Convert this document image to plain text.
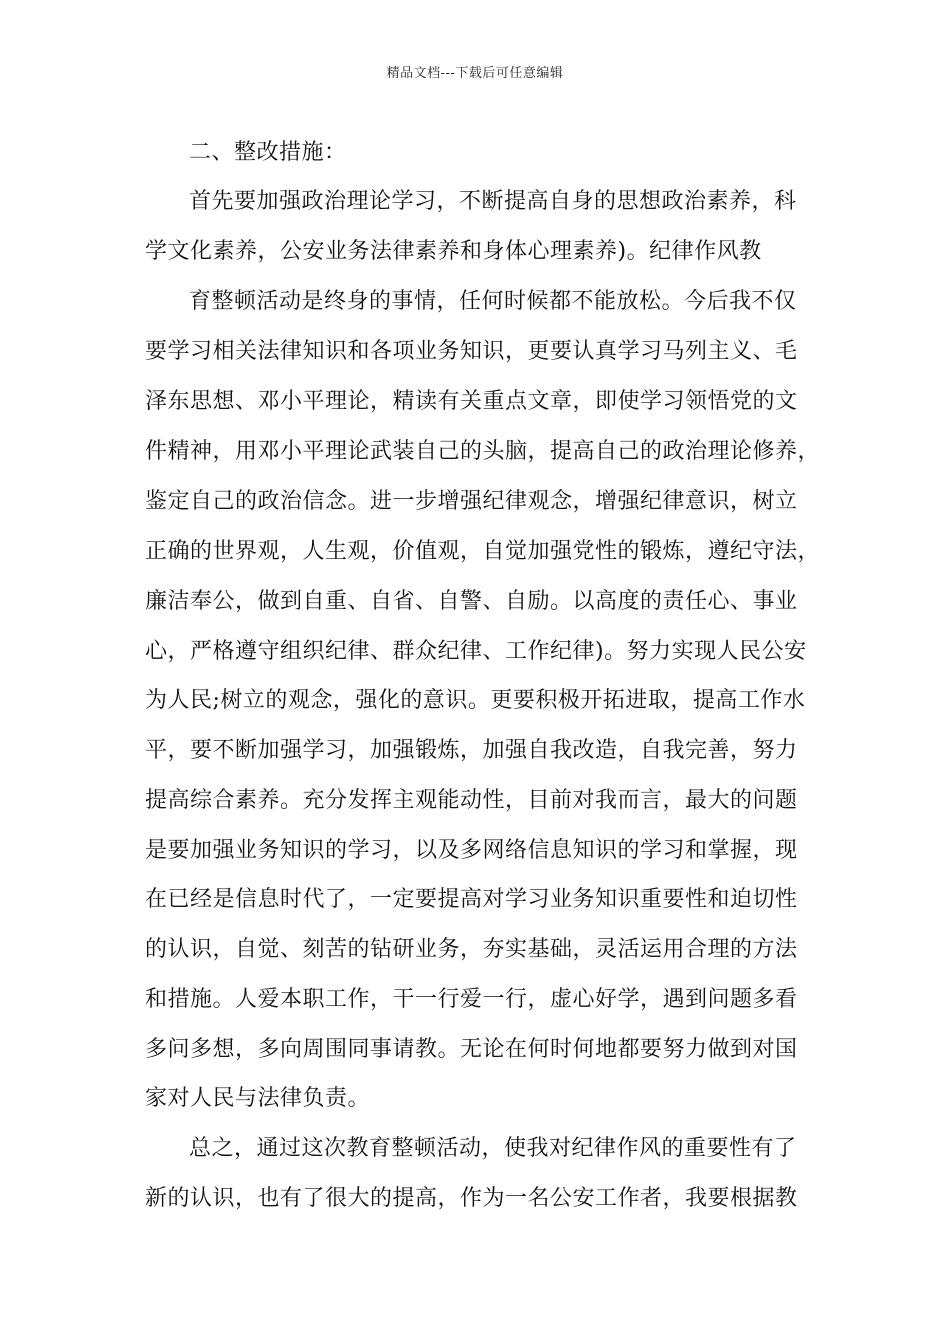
精品文档---下载后可任意编辑
二、整改措施：
首先要加强政治理论学习，不断提高自身的思想政治素养，科
学文化素养，公安业务法律素养和身体心理素养)。纪律作风教
育整顿活动是终身的事情，任何时候都不能放松。今后我不仅
要学习相关法律知识和各项业务知识，更要认真学习马列主义、毛
泽东思想、邓小平理论，精读有关重点文章，即使学习领悟党的文
件精神，用邓小平理论武装自己的头脑，提高自己的政治理论修养，
鉴定自己的政治信念。进一步增强纪律观念，增强纪律意识，树立
正确的世界观，人生观，价值观，自觉加强党性的锻炼，遵纪守法，
廉洁奉公，做到自重、自省、自警、自励。以高度的责任心、事业
心，严格遵守组织纪律、群众纪律、工作纪律)。努力实现人民公安
为人民;树立的观念，强化的意识。更要积极开拓进取，提高工作水
平，要不断加强学习，加强锻炼，加强自我改造，自我完善，努力
提高综合素养。充分发挥主观能动性，目前对我而言，最大的问题
是要加强业务知识的学习，以及多网络信息知识的学习和掌握，现
在已经是信息时代了，一定要提高对学习业务知识重要性和迫切性
的认识，自觉、刻苦的钻研业务，夯实基础，灵活运用合理的方法
和措施。人爱本职工作，干一行爱一行，虚心好学，遇到问题多看
多问多想，多向周围同事请教。无论在何时何地都要努力做到对国
家对人民与法律负责。
总之，通过这次教育整顿活动，使我对纪律作风的重要性有了
新的认识，也有了很大的提高，作为一名公安工作者，我要根据教
